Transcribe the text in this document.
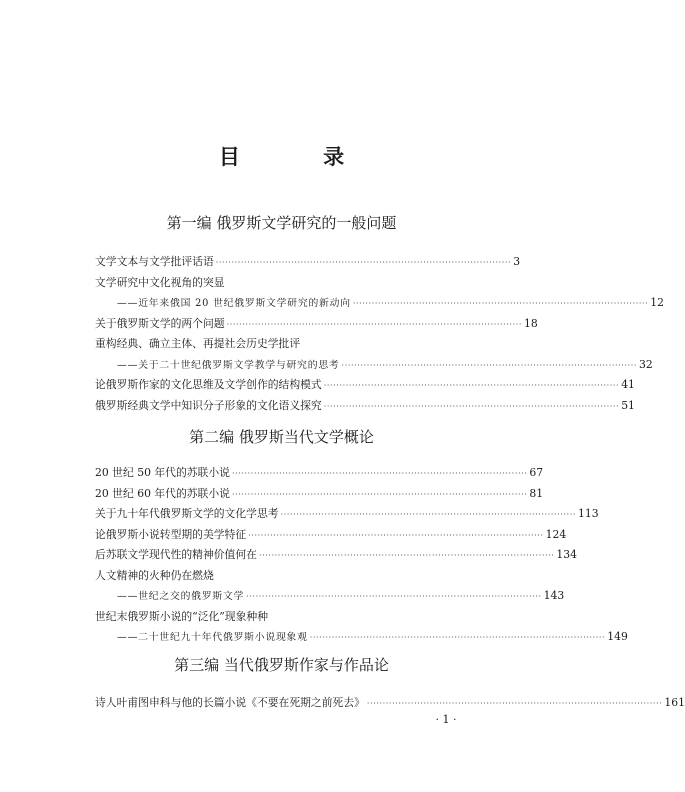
目 录
第一编 俄罗斯文学研究的一般问题
文学文本与文学批评话语 ······························································································ 3
文学研究中文化视角的突显
——近年来俄国 20 世纪俄罗斯文学研究的新动向 ······························································································ 12
关于俄罗斯文学的两个问题 ······························································································ 18
重构经典、确立主体、再提社会历史学批评
——关于二十世纪俄罗斯文学教学与研究的思考 ······························································································ 32
论俄罗斯作家的文化思维及文学创作的结构模式 ······························································································ 41
俄罗斯经典文学中知识分子形象的文化语义探究 ······························································································ 51
第二编 俄罗斯当代文学概论
20 世纪 50 年代的苏联小说 ······························································································ 67
20 世纪 60 年代的苏联小说 ······························································································ 81
关于九十年代俄罗斯文学的文化学思考 ······························································································ 113
论俄罗斯小说转型期的美学特征 ······························································································ 124
后苏联文学现代性的精神价值何在 ······························································································ 134
人文精神的火种仍在燃烧
——世纪之交的俄罗斯文学 ······························································································ 143
世纪末俄罗斯小说的“泛化”现象种种
——二十世纪九十年代俄罗斯小说现象观 ······························································································ 149
第三编 当代俄罗斯作家与作品论
诗人叶甫图申科与他的长篇小说《不要在死期之前死去》 ······························································································ 161
· 1 ·
